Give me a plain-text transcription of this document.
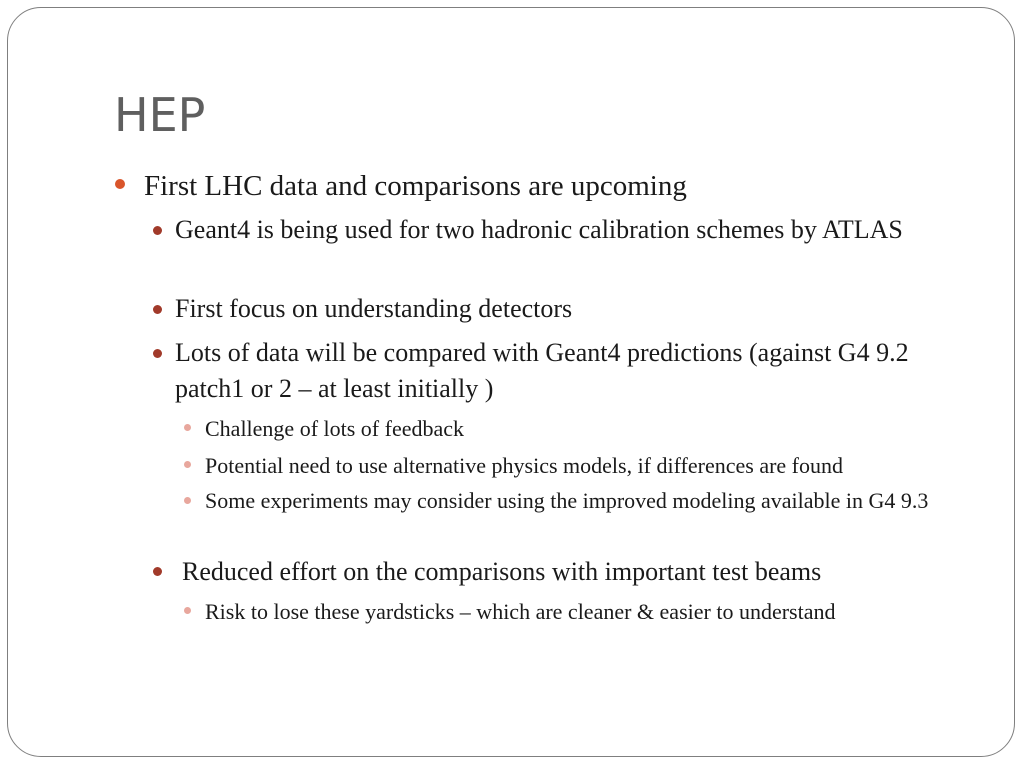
HEP
First LHC data and comparisons are upcoming
Geant4 is being used for two hadronic calibration schemes by ATLAS
First focus on understanding detectors
Lots of data will be compared with Geant4 predictions (against G4 9.2 patch1 or 2 – at least initially )
Challenge of lots of feedback
Potential need to use alternative physics models, if differences are found
Some experiments may consider using the improved modeling available in G4 9.3
Reduced effort on the comparisons with important test beams
Risk to lose these yardsticks – which are cleaner & easier to understand
